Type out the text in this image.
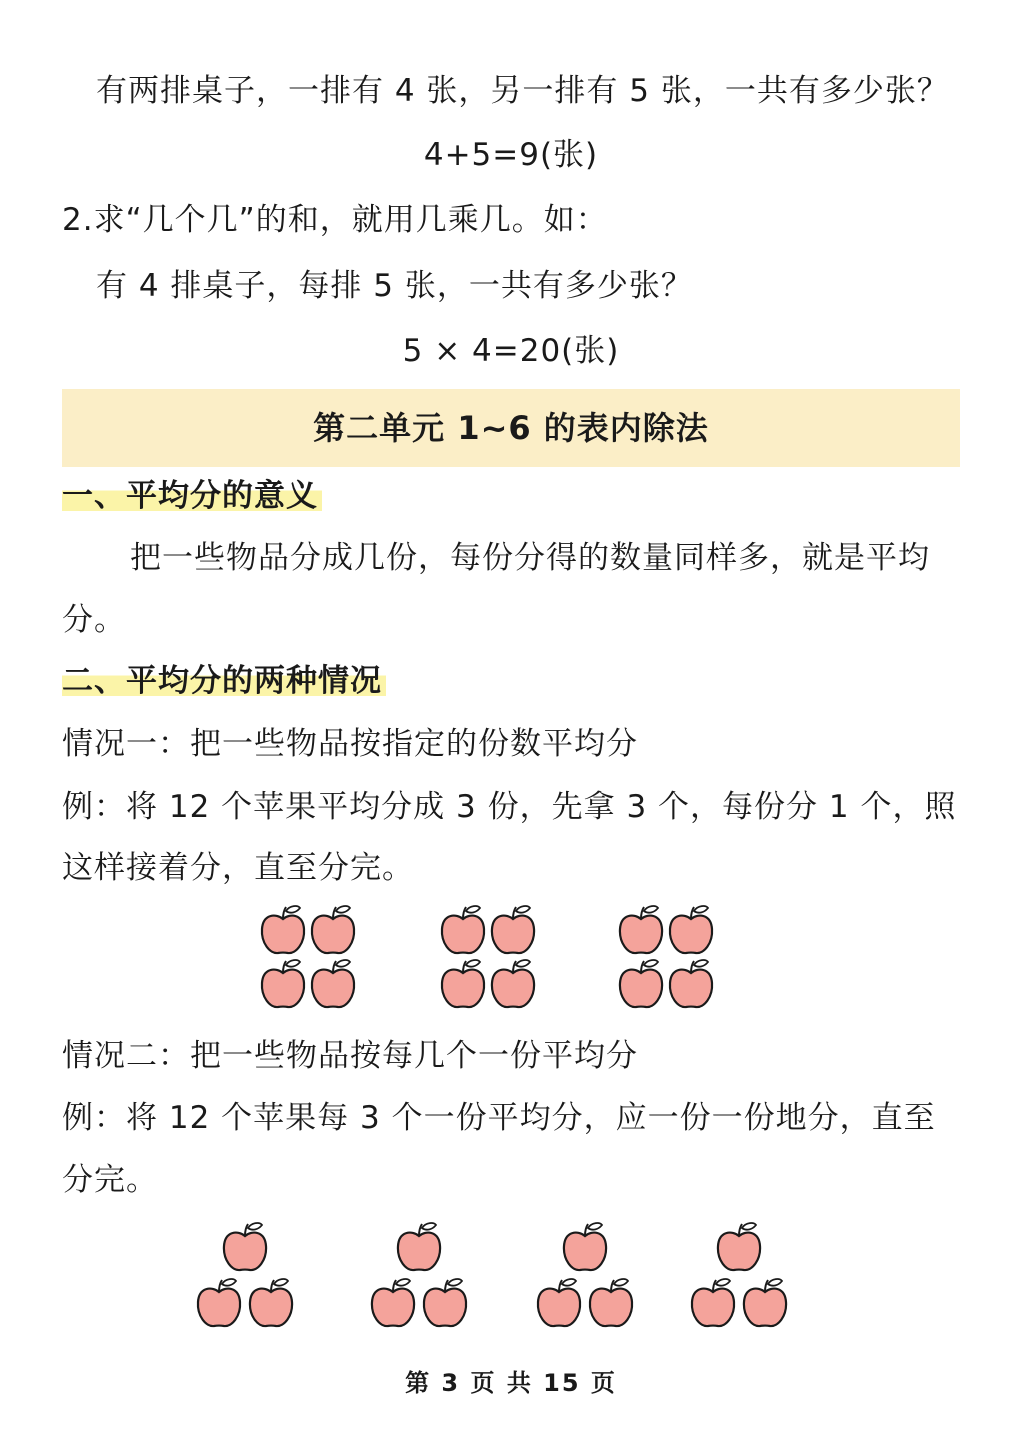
有两排桌子，一排有 4 张，另一排有 5 张，一共有多少张？
4+5=9(张)
2.求“几个几”的和，就用几乘几。如：
有 4 排桌子，每排 5 张，一共有多少张？
5 × 4=20(张)
第二单元 1~6 的表内除法
一、平均分的意义
把一些物品分成几份，每份分得的数量同样多，就是平均
分。
二、平均分的两种情况
情况一：把一些物品按指定的份数平均分
例：将 12 个苹果平均分成 3 份，先拿 3 个，每份分 1 个，照
这样接着分，直至分完。
情况二：把一些物品按每几个一份平均分
例：将 12 个苹果每 3 个一份平均分，应一份一份地分，直至
分完。
第 3 页 共 15 页
